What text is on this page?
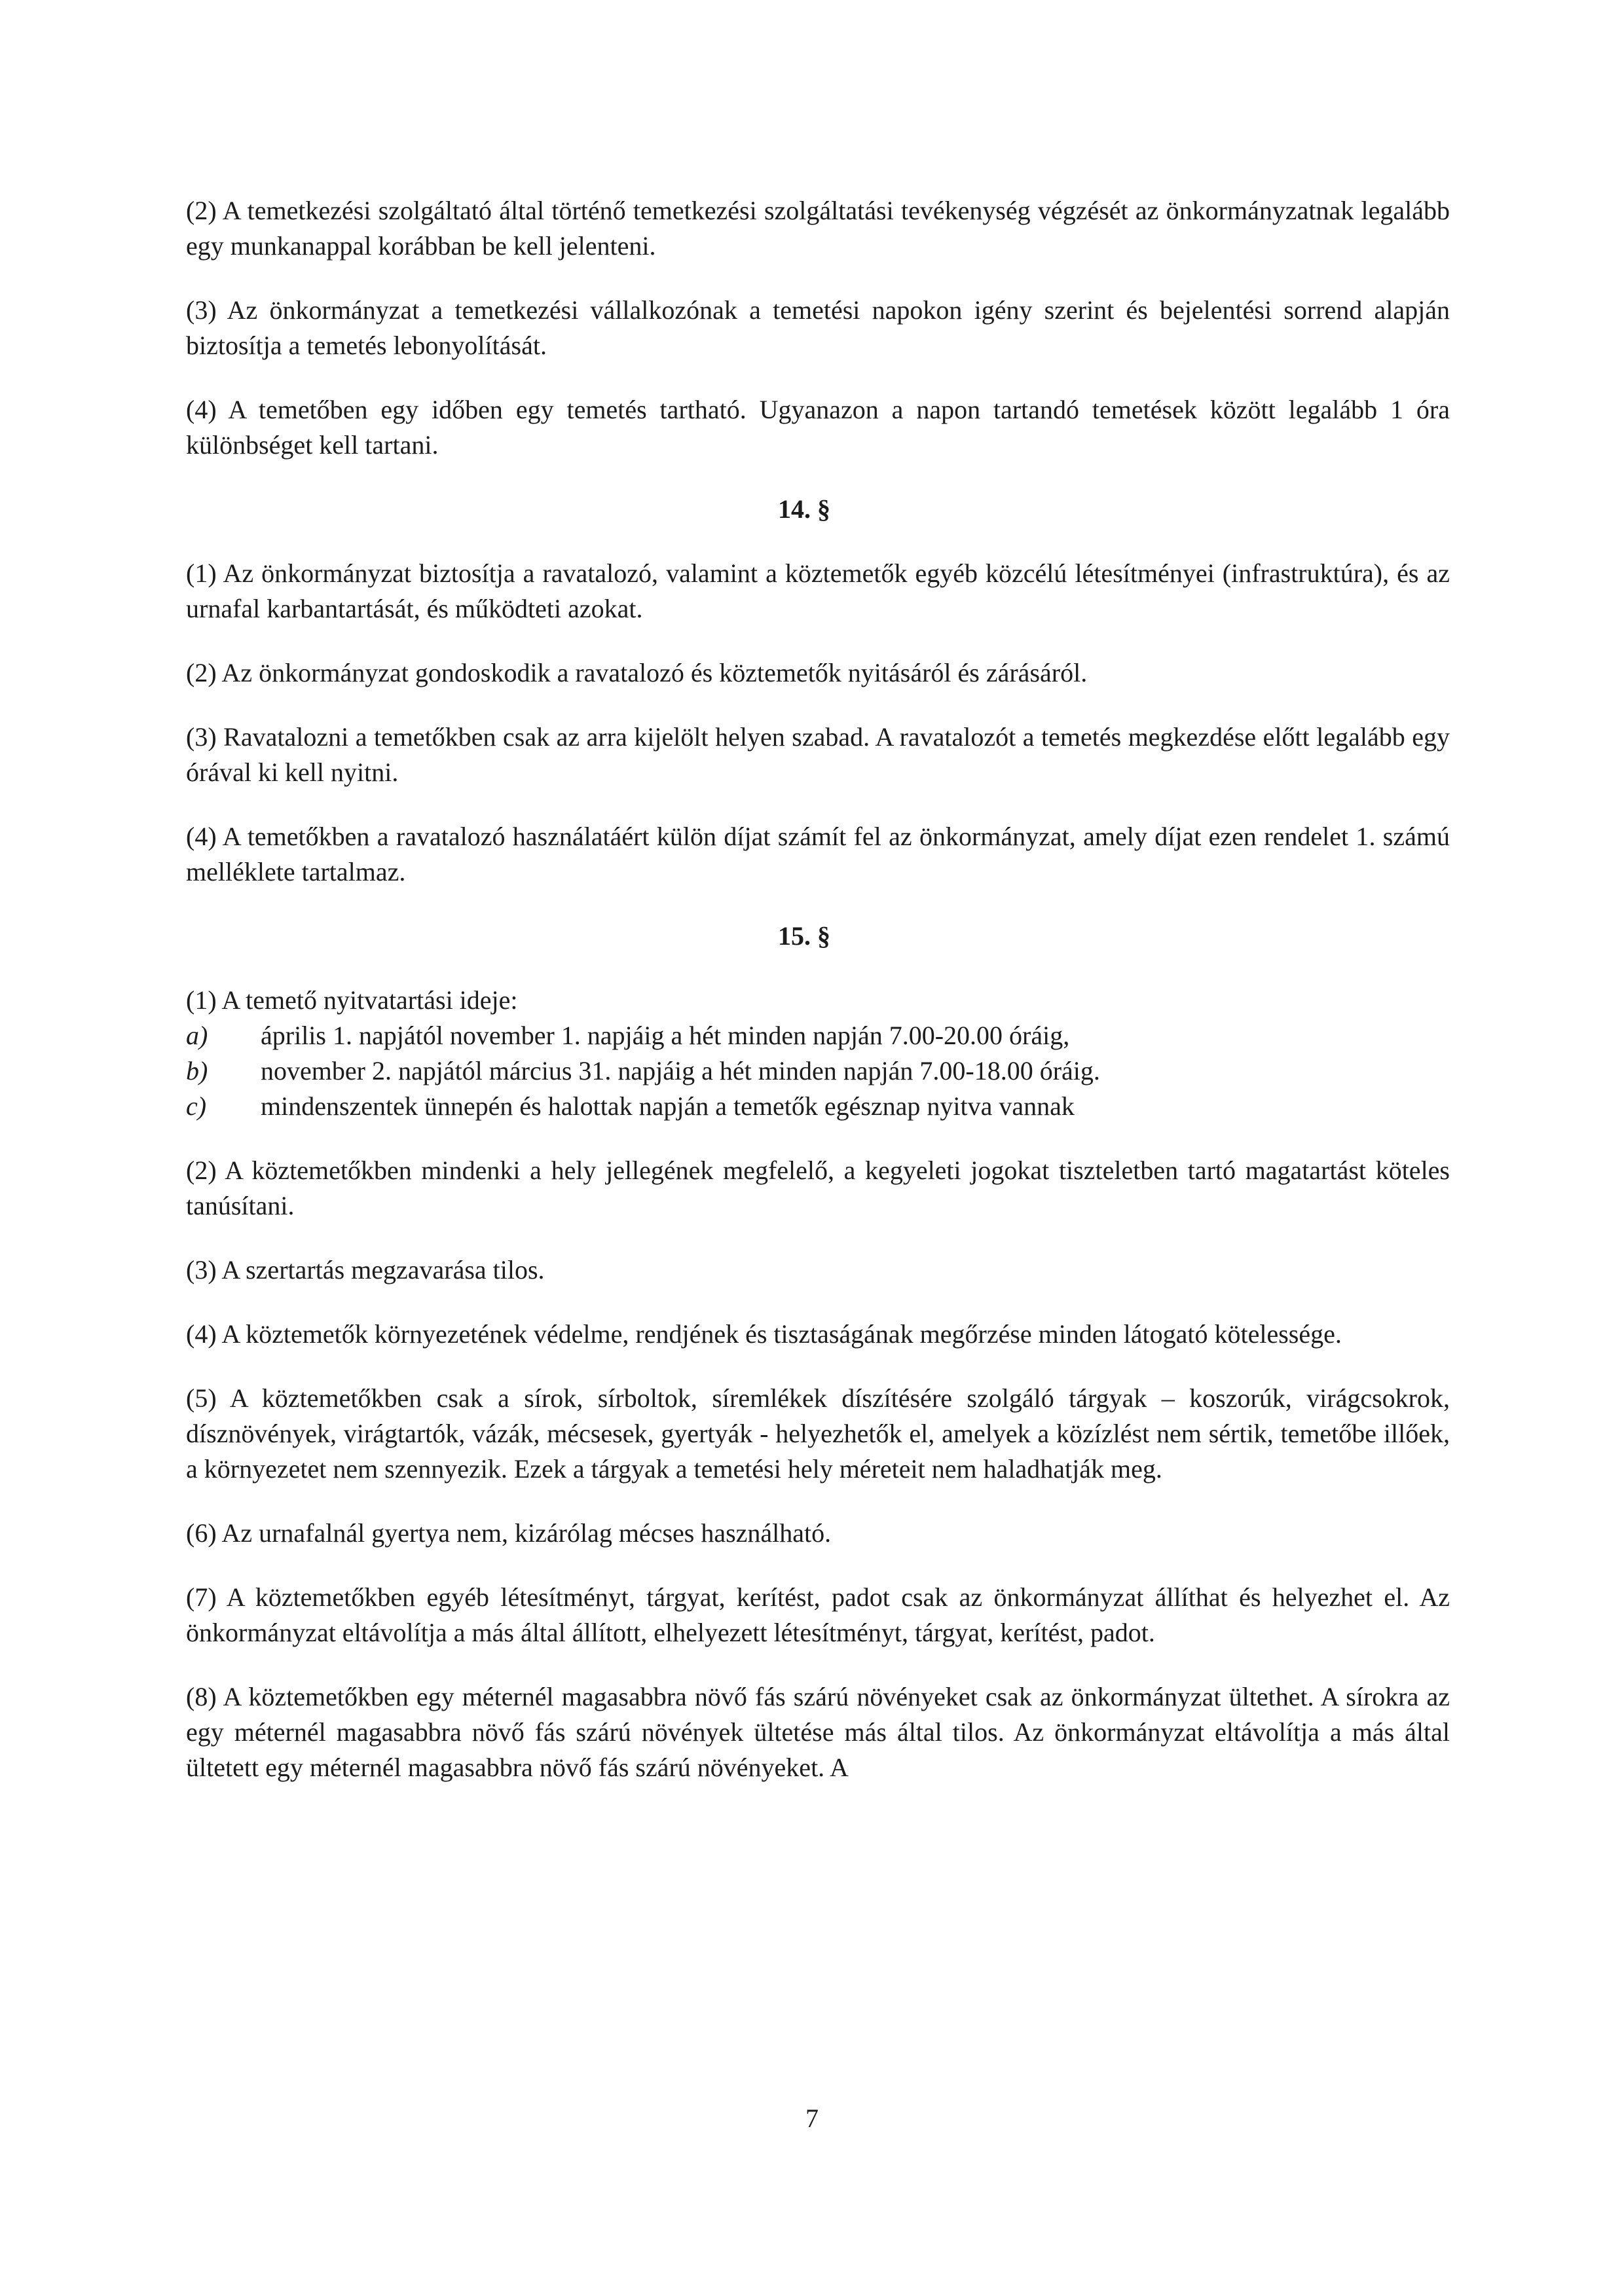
(2) A temetkezési szolgáltató által történő temetkezési szolgáltatási tevékenység végzését az önkormányzatnak legalább egy munkanappal korábban be kell jelenteni.

(3) Az önkormányzat a temetkezési vállalkozónak a temetési napokon igény szerint és bejelentési sorrend alapján biztosítja a temetés lebonyolítását.

(4) A temetőben egy időben egy temetés tartható. Ugyanazon a napon tartandó temetések között legalább 1 óra különbséget kell tartani.

14. §

(1) Az önkormányzat biztosítja a ravatalozó, valamint a köztemetők egyéb közcélú létesítményei (infrastruktúra), és az urnafal karbantartását, és működteti azokat.

(2) Az önkormányzat gondoskodik a ravatalozó és köztemetők nyitásáról és zárásáról.

(3) Ravatalozni a temetőkben csak az arra kijelölt helyen szabad. A ravatalozót a temetés megkezdése előtt legalább egy órával ki kell nyitni.

(4) A temetőkben a ravatalozó használatáért külön díjat számít fel az önkormányzat, amely díjat ezen rendelet 1. számú melléklete tartalmaz.

15. §

(1) A temető nyitvatartási ideje:

a)	április 1. napjától november 1. napjáig a hét minden napján 7.00-20.00 óráig,
b)	november 2. napjától március 31. napjáig a hét minden napján 7.00-18.00 óráig.
c)	mindenszentek ünnepén és halottak napján a temetők egésznap nyitva vannak

(2) A köztemetőkben mindenki a hely jellegének megfelelő, a kegyeleti jogokat tiszteletben tartó magatartást köteles tanúsítani.

(3) A szertartás megzavarása tilos.

(4) A köztemetők környezetének védelme, rendjének és tisztaságának megőrzése minden látogató kötelessége.

(5) A köztemetőkben csak a sírok, sírboltok, síremlékek díszítésére szolgáló tárgyak – koszorúk, virágcsokrok, dísznövények, virágtartók, vázák, mécsesek, gyertyák - helyezhetők el, amelyek a közízlést nem sértik, temetőbe illőek, a környezetet nem szennyezik. Ezek a tárgyak a temetési hely méreteit nem haladhatják meg.

(6) Az urnafalnál gyertya nem, kizárólag mécses használható.

(7) A köztemetőkben egyéb létesítményt, tárgyat, kerítést, padot csak az önkormányzat állíthat és helyezhet el. Az önkormányzat eltávolítja a más által állított, elhelyezett létesítményt, tárgyat, kerítést, padot.

(8) A köztemetőkben egy méternél magasabbra növő fás szárú növényeket csak az önkormányzat ültethet. A sírokra az egy méternél magasabbra növő fás szárú növények ültetése más által tilos. Az önkormányzat eltávolítja a más által ültetett egy méternél magasabbra növő fás szárú növényeket. A

7
